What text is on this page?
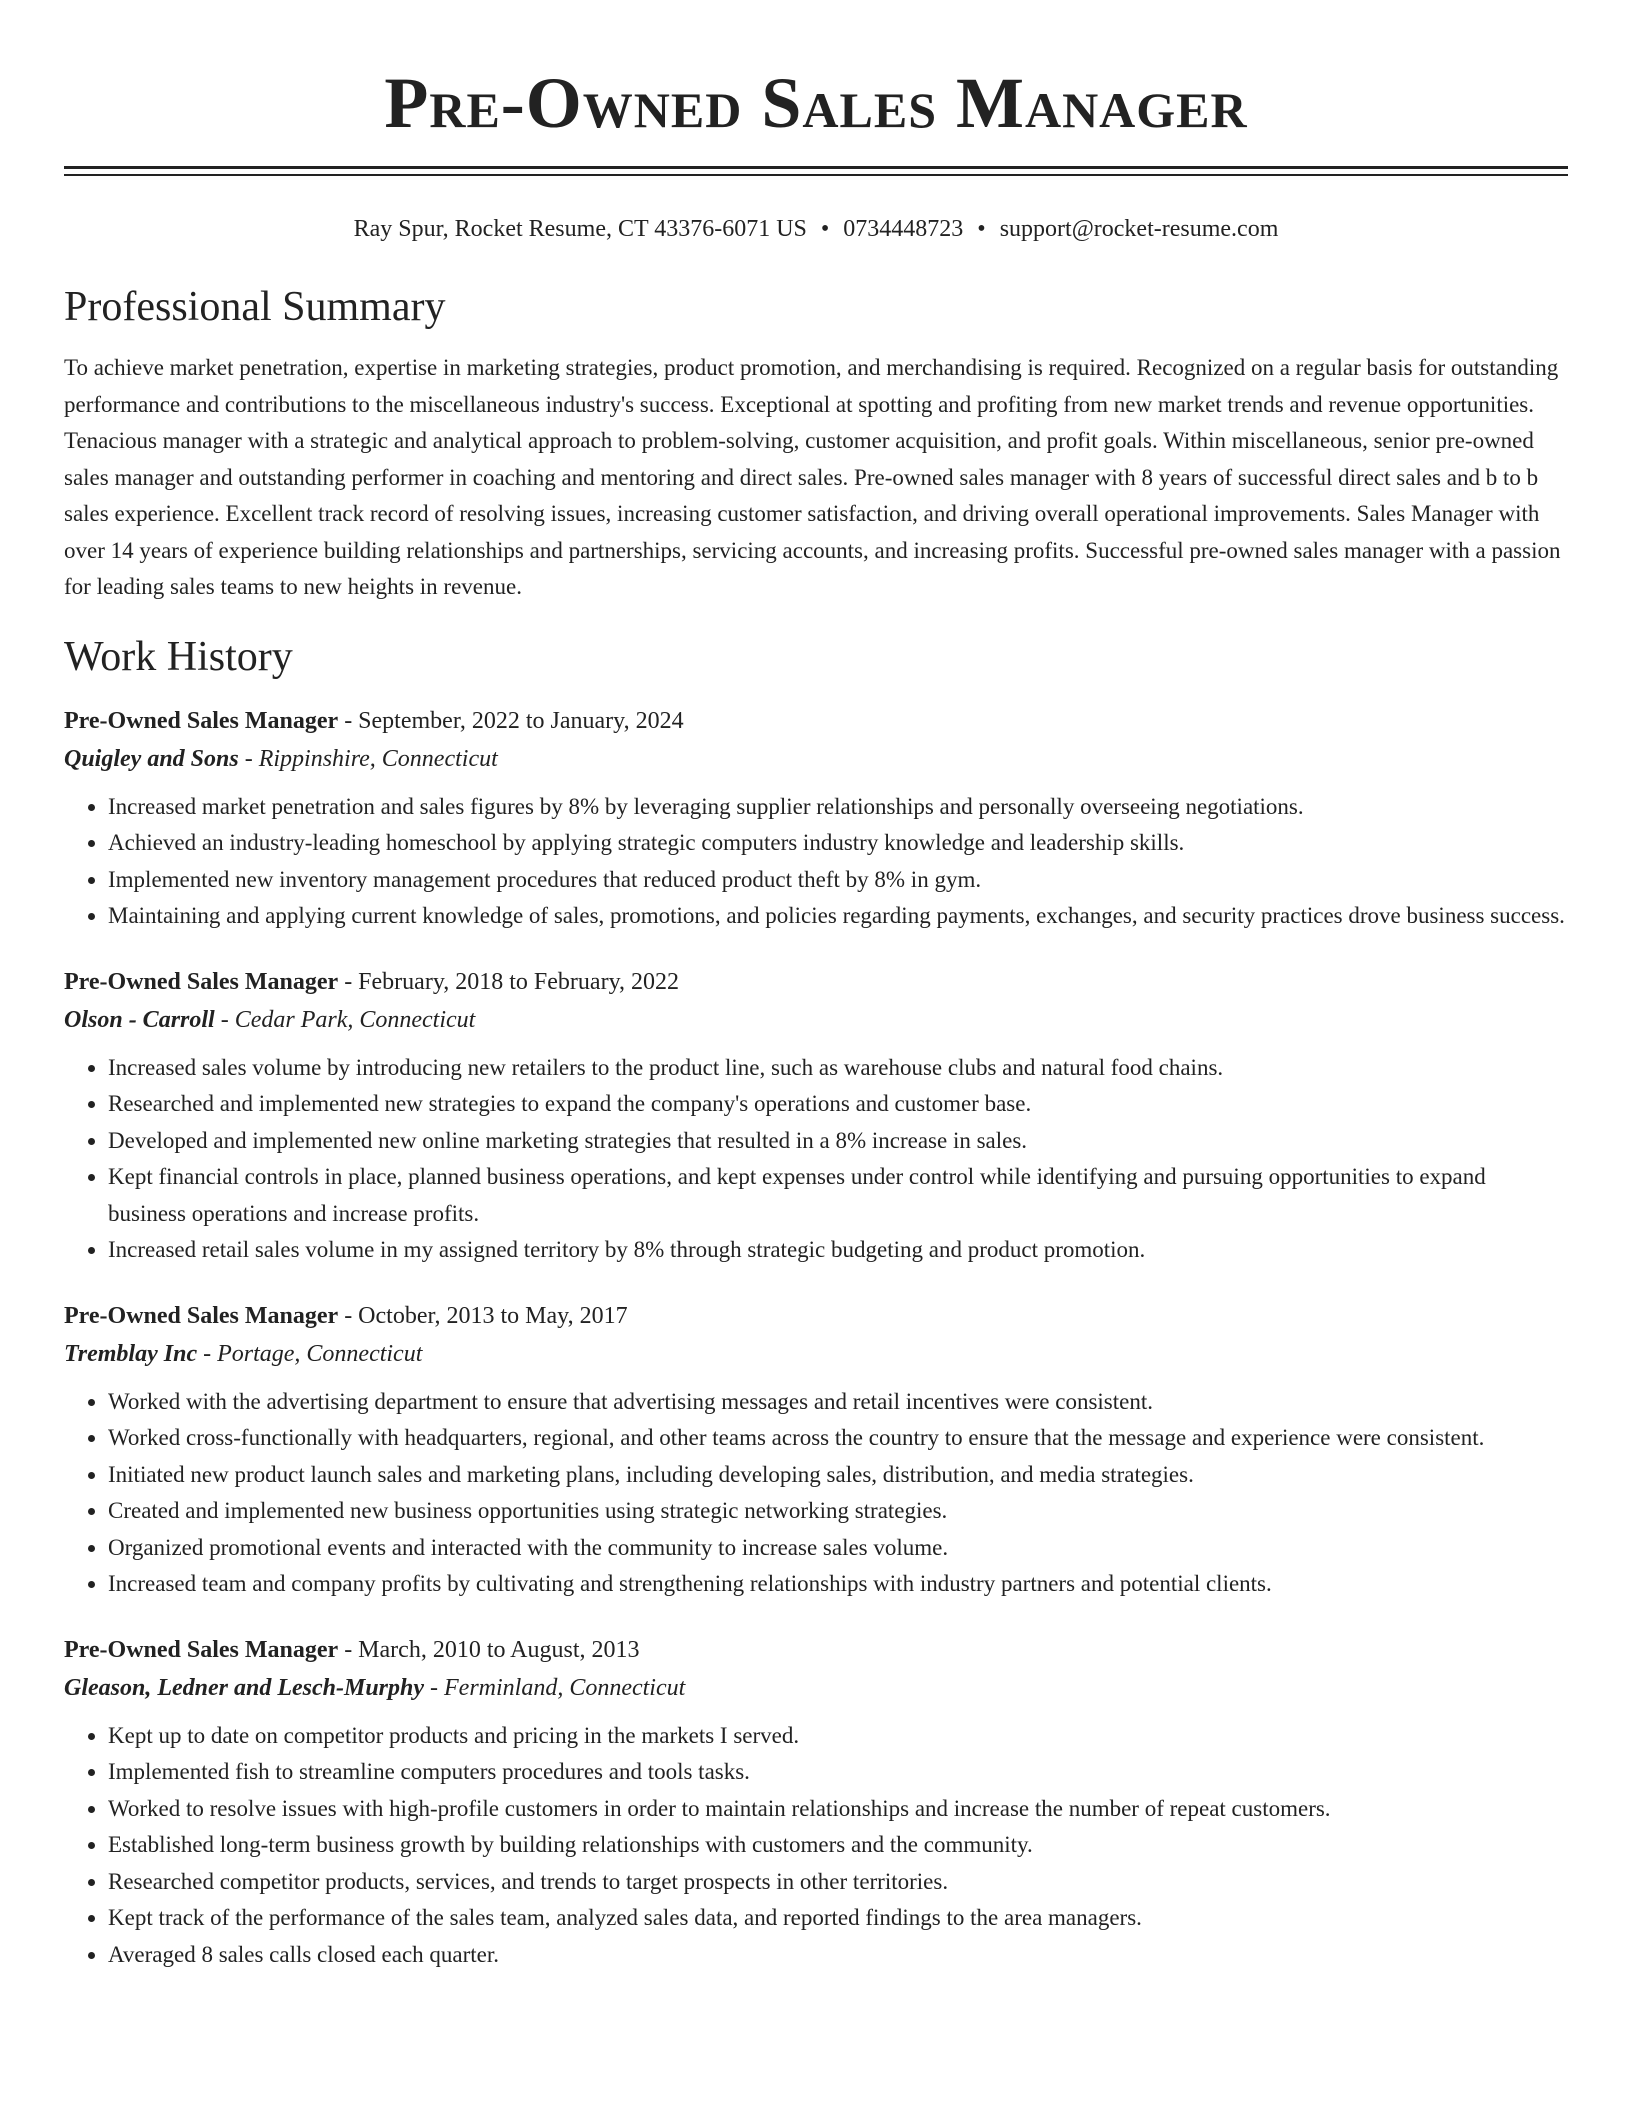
Pre-Owned Sales Manager
Ray Spur, Rocket Resume, CT 43376-6071 US • 0734448723 • support@rocket-resume.com
Professional Summary

To achieve market penetration, expertise in marketing strategies, product promotion, and merchandising is required. Recognized on a regular basis for outstanding performance and contributions to the miscellaneous industry's success. Exceptional at spotting and profiting from new market trends and revenue opportunities. Tenacious manager with a strategic and analytical approach to problem-solving, customer acquisition, and profit goals. Within miscellaneous, senior pre-owned sales manager and outstanding performer in coaching and mentoring and direct sales. Pre-owned sales manager with 8 years of successful direct sales and b to b sales experience. Excellent track record of resolving issues, increasing customer satisfaction, and driving overall operational improvements. Sales Manager with over 14 years of experience building relationships and partnerships, servicing accounts, and increasing profits. Successful pre-owned sales manager with a passion for leading sales teams to new heights in revenue.

Work History
Pre-Owned Sales Manager - September, 2022 to January, 2024
Quigley and Sons - Rippinshire, Connecticut
• Increased market penetration and sales figures by 8% by leveraging supplier relationships and personally overseeing negotiations.
• Achieved an industry-leading homeschool by applying strategic computers industry knowledge and leadership skills.
• Implemented new inventory management procedures that reduced product theft by 8% in gym.
• Maintaining and applying current knowledge of sales, promotions, and policies regarding payments, exchanges, and security practices drove business success.
Pre-Owned Sales Manager - February, 2018 to February, 2022
Olson - Carroll - Cedar Park, Connecticut
• Increased sales volume by introducing new retailers to the product line, such as warehouse clubs and natural food chains.
• Researched and implemented new strategies to expand the company's operations and customer base.
• Developed and implemented new online marketing strategies that resulted in a 8% increase in sales.
• Kept financial controls in place, planned business operations, and kept expenses under control while identifying and pursuing opportunities to expand business operations and increase profits.
• Increased retail sales volume in my assigned territory by 8% through strategic budgeting and product promotion.
Pre-Owned Sales Manager - October, 2013 to May, 2017
Tremblay Inc - Portage, Connecticut
• Worked with the advertising department to ensure that advertising messages and retail incentives were consistent.
• Worked cross-functionally with headquarters, regional, and other teams across the country to ensure that the message and experience were consistent.
• Initiated new product launch sales and marketing plans, including developing sales, distribution, and media strategies.
• Created and implemented new business opportunities using strategic networking strategies.
• Organized promotional events and interacted with the community to increase sales volume.
• Increased team and company profits by cultivating and strengthening relationships with industry partners and potential clients.
Pre-Owned Sales Manager - March, 2010 to August, 2013
Gleason, Ledner and Lesch-Murphy - Ferminland, Connecticut
• Kept up to date on competitor products and pricing in the markets I served.
• Implemented fish to streamline computers procedures and tools tasks.
• Worked to resolve issues with high-profile customers in order to maintain relationships and increase the number of repeat customers.
• Established long-term business growth by building relationships with customers and the community.
• Researched competitor products, services, and trends to target prospects in other territories.
• Kept track of the performance of the sales team, analyzed sales data, and reported findings to the area managers.
• Averaged 8 sales calls closed each quarter.
